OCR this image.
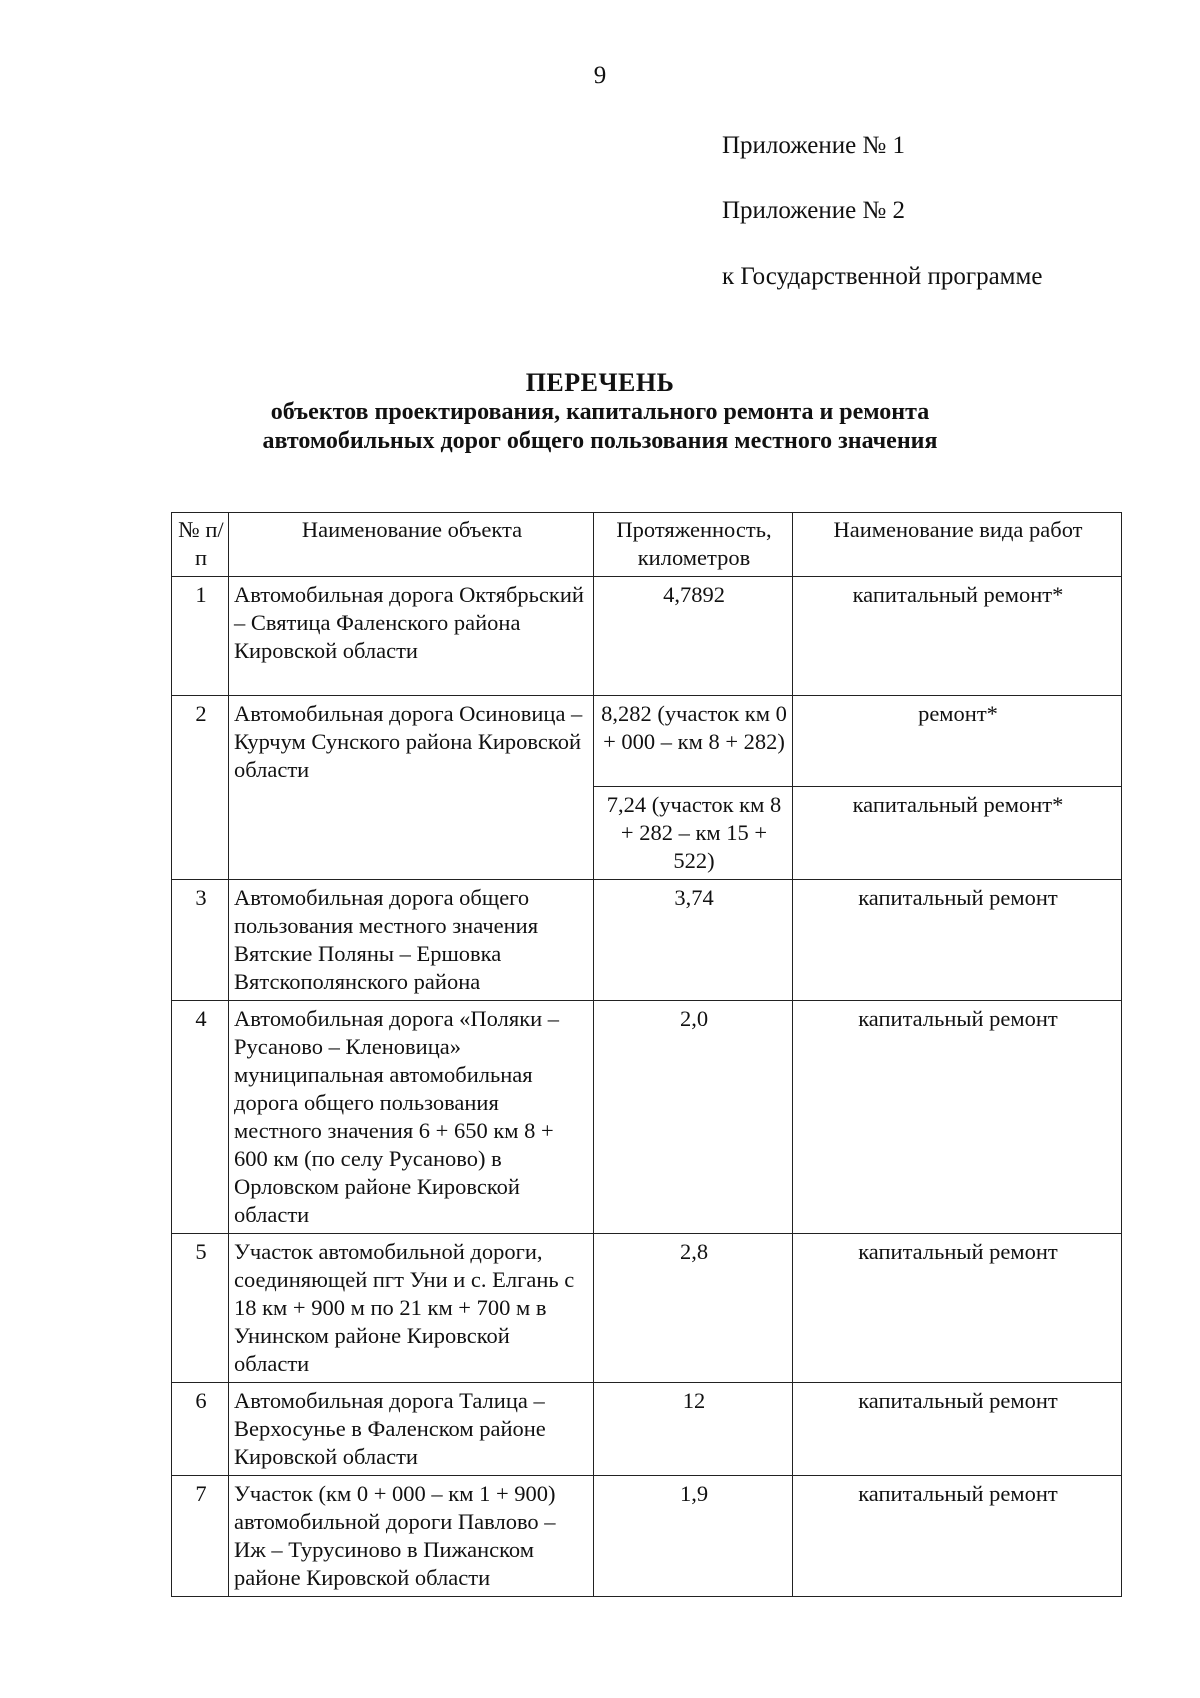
9
Приложение № 1
Приложение № 2
к Государственной программе
ПЕРЕЧЕНЬ
объектов проектирования, капитального ремонта и ремонта
автомобильных дорог общего пользования местного значения
№ п/п	Наименование объекта	Протяженность, километров	Наименование вида работ
1	Автомобильная дорога Октябрьский – Святица Фаленского района Кировской области	4,7892	капитальный ремонт*
2	Автомобильная дорога Осиновица – Курчум Сунского района Кировской области	8,282 (участок км 0 + 000 – км 8 + 282)	ремонт*
		7,24 (участок км 8 + 282 – км 15 + 522)	капитальный ремонт*
3	Автомобильная дорога общего пользования местного значения Вятские Поляны – Ершовка Вятскополянского района	3,74	капитальный ремонт
4	Автомобильная дорога «Поляки – Русаново – Кленовица» муниципальная автомобильная дорога общего пользования местного значения 6 + 650 км 8 + 600 км (по селу Русаново) в Орловском районе Кировской области	2,0	капитальный ремонт
5	Участок автомобильной дороги, соединяющей пгт Уни и с. Елгань с 18 км + 900 м по 21 км + 700 м в Унинском районе Кировской области	2,8	капитальный ремонт
6	Автомобильная дорога Талица – Верхосунье в Фаленском районе Кировской области	12	капитальный ремонт
7	Участок (км 0 + 000 – км 1 + 900) автомобильной дороги Павлово – Иж – Турусиново в Пижанском районе Кировской области	1,9	капитальный ремонт
